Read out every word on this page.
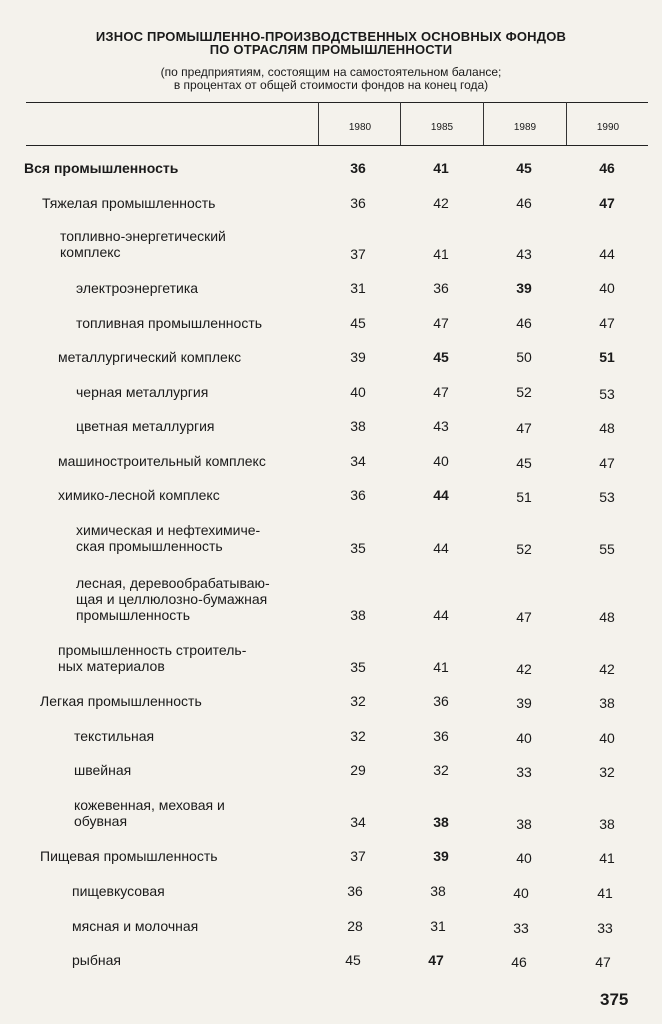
ИЗНОС ПРОМЫШЛЕННО-ПРОИЗВОДСТВЕННЫХ ОСНОВНЫХ ФОНДОВ
ПО ОТРАСЛЯМ ПРОМЫШЛЕННОСТИ
(по предприятиям, состоящим на самостоятельном балансе;
в процентах от общей стоимости фондов на конец года)
1980	1985	1989	1990
Вся промышленность	36	41	45	46
Тяжелая промышленность	36	42	46	47
топливно-энергетический
комплекс	37	41	43	44
электроэнергетика	31	36	39	40
топливная промышленность	45	47	46	47
металлургический комплекс	39	45	50	51
черная металлургия	40	47	52	53
цветная металлургия	38	43	47	48
машиностроительный комплекс	34	40	45	47
химико-лесной комплекс	36	44	51	53
химическая и нефтехимиче-
ская промышленность	35	44	52	55
лесная, деревообрабатываю-
щая и целлюлозно-бумажная
промышленность	38	44	47	48
промышленность строитель-
ных материалов	35	41	42	42
Легкая промышленность	32	36	39	38
текстильная	32	36	40	40
швейная	29	32	33	32
кожевенная, меховая и
обувная	34	38	38	38
Пищевая промышленность	37	39	40	41
пищевкусовая	36	38	40	41
мясная и молочная	28	31	33	33
рыбная	45	47	46	47
375
